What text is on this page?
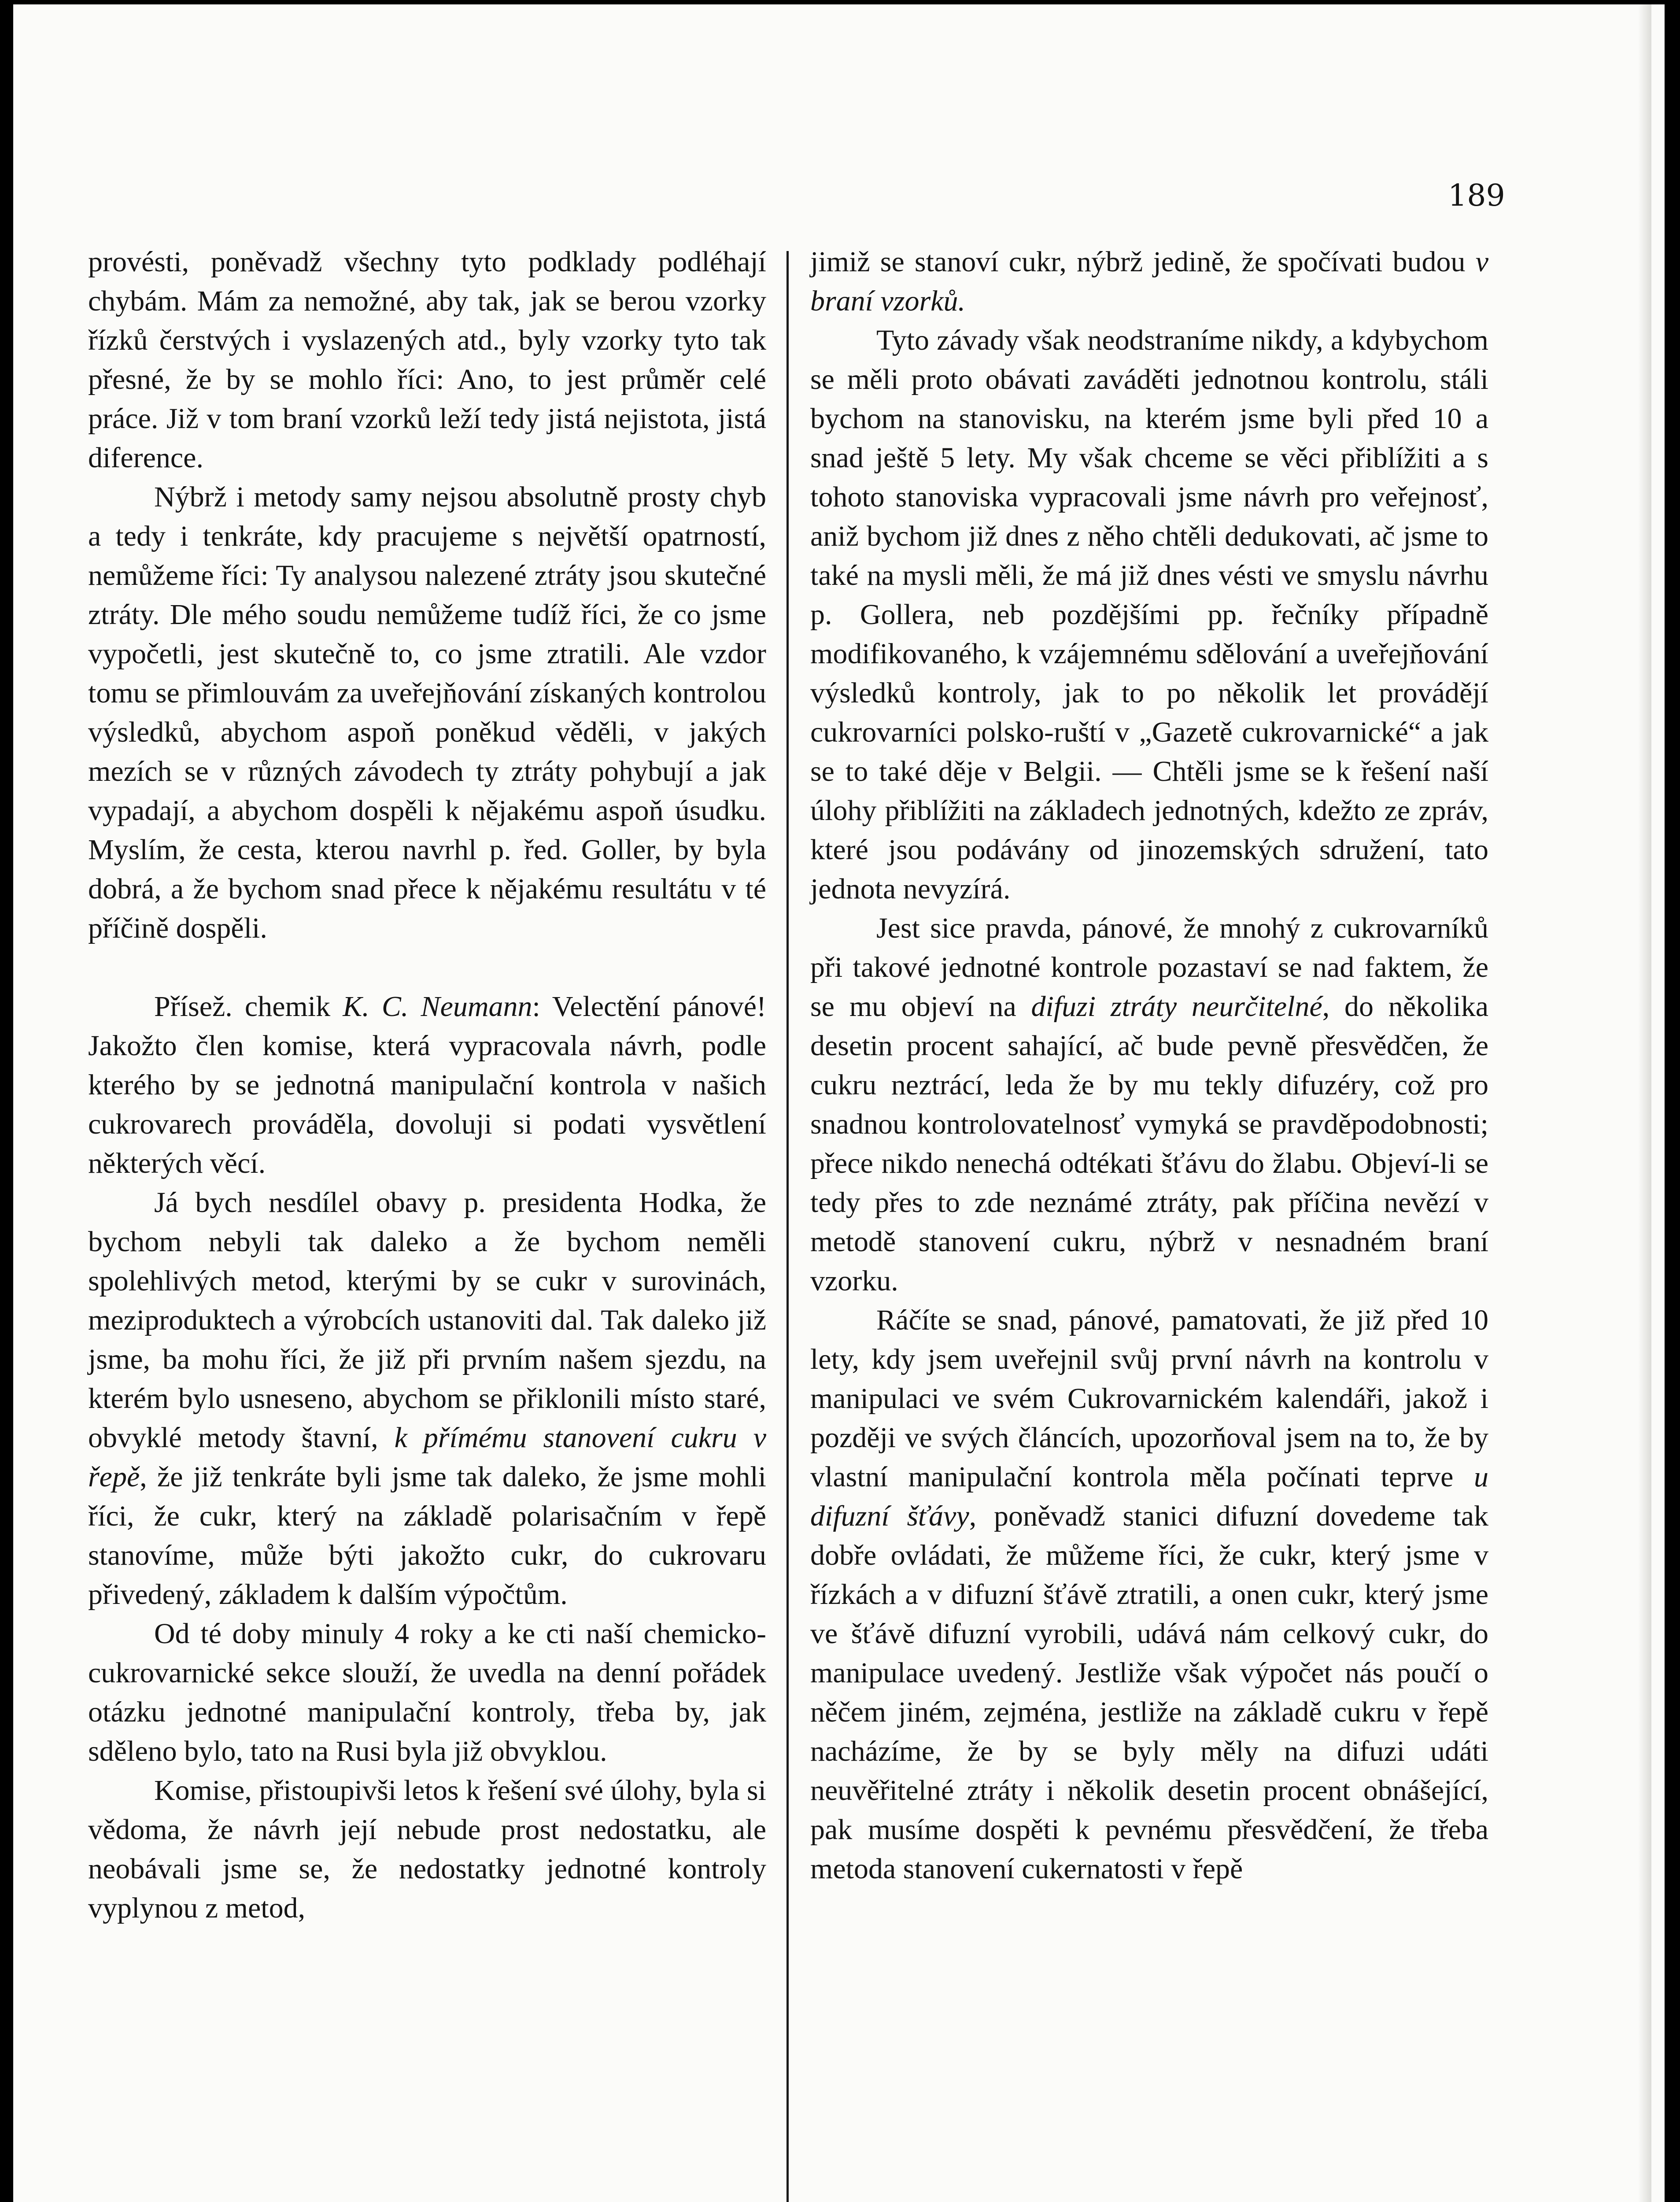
189

provésti, poněvadž všechny tyto podklady podléhají chybám. Mám za nemožné, aby tak, jak se berou vzorky řízků čerstvých i vyslazených atd., byly vzorky tyto tak přesné, že by se mohlo říci: Ano, to jest průměr celé práce. Již v tom braní vzorků leží tedy jistá nejistota, jistá diference.

Nýbrž i metody samy nejsou absolutně prosty chyb a tedy i tenkráte, kdy pracujeme s největší opatrností, nemůžeme říci: Ty analysou nalezené ztráty jsou skutečné ztráty. Dle mého soudu nemůžeme tudíž říci, že co jsme vypočetli, jest skutečně to, co jsme ztratili. Ale vzdor tomu se přimlouvám za uveřejňování získaných kontrolou výsledků, abychom aspoň poněkud věděli, v jakých mezích se v různých závodech ty ztráty pohybují a jak vypadají, a abychom dospěli k nějakému aspoň úsudku. Myslím, že cesta, kterou navrhl p. řed. Goller, by byla dobrá, a že bychom snad přece k nějakému resultátu v té příčině dospěli.

Přísež. chemik K. C. Neumann: Velectění pánové! Jakožto člen komise, která vypracovala návrh, podle kterého by se jednotná manipulační kontrola v našich cukrovarech prováděla, dovoluji si podati vysvětlení některých věcí.

Já bych nesdílel obavy p. presidenta Hodka, že bychom nebyli tak daleko a že bychom neměli spolehlivých metod, kterými by se cukr v surovinách, meziproduktech a výrobcích ustanoviti dal. Tak daleko již jsme, ba mohu říci, že již při prvním našem sjezdu, na kterém bylo usneseno, abychom se přiklonili místo staré, obvyklé metody štavní, k přímému stanovení cukru v řepě, že již tenkráte byli jsme tak daleko, že jsme mohli říci, že cukr, který na základě polarisačním v řepě stanovíme, může býti jakožto cukr, do cukrovaru přivedený, základem k dalším výpočtům.

Od té doby minuly 4 roky a ke cti naší chemicko-cukrovarnické sekce slouží, že uvedla na denní pořádek otázku jednotné manipulační kontroly, třeba by, jak sděleno bylo, tato na Rusi byla již obvyklou.

Komise, přistoupivši letos k řešení své úlohy, byla si vědoma, že návrh její nebude prost nedostatku, ale neobávali jsme se, že nedostatky jednotné kontroly vyplynou z metod,

jimiž se stanoví cukr, nýbrž jedině, že spočívati budou v braní vzorků.

Tyto závady však neodstraníme nikdy, a kdybychom se měli proto obávati zaváděti jednotnou kontrolu, stáli bychom na stanovisku, na kterém jsme byli před 10 a snad ještě 5 lety. My však chceme se věci přiblížiti a s tohoto stanoviska vypracovali jsme návrh pro veřejnosť, aniž bychom již dnes z něho chtěli dedukovati, ač jsme to také na mysli měli, že má již dnes vésti ve smyslu návrhu p. Gollera, neb pozdějšími pp. řečníky případně modifikovaného, k vzájemnému sdělování a uveřejňování výsledků kontroly, jak to po několik let provádějí cukrovarníci polsko-ruští v „Gazetě cukrovarnické“ a jak se to také děje v Belgii. — Chtěli jsme se k řešení naší úlohy přiblížiti na základech jednotných, kdežto ze zpráv, které jsou podávány od jinozemských sdružení, tato jednota nevyzírá.

Jest sice pravda, pánové, že mnohý z cukrovarníků při takové jednotné kontrole pozastaví se nad faktem, že se mu objeví na difuzi ztráty neurčitelné, do několika desetin procent sahající, ač bude pevně přesvědčen, že cukru neztrácí, leda že by mu tekly difuzéry, což pro snadnou kontrolovatelnosť vymyká se pravděpodobnosti; přece nikdo nenechá odtékati šťávu do žlabu. Objeví-li se tedy přes to zde neznámé ztráty, pak příčina nevězí v metodě stanovení cukru, nýbrž v nesnadném braní vzorku.

Ráčíte se snad, pánové, pamatovati, že již před 10 lety, kdy jsem uveřejnil svůj první návrh na kontrolu v manipulaci ve svém Cukrovarnickém kalendáři, jakož i později ve svých článcích, upozorňoval jsem na to, že by vlastní manipulační kontrola měla počínati teprve u difuzní šťávy, poněvadž stanici difuzní dovedeme tak dobře ovládati, že můžeme říci, že cukr, který jsme v řízkách a v difuzní šťávě ztratili, a onen cukr, který jsme ve šťávě difuzní vyrobili, udává nám celkový cukr, do manipulace uvedený. Jestliže však výpočet nás poučí o něčem jiném, zejména, jestliže na základě cukru v řepě nacházíme, že by se byly měly na difuzi udáti neuvěřitelné ztráty i několik desetin procent obnášející, pak musíme dospěti k pevnému přesvědčení, že třeba metoda stanovení cukernatosti v řepě
